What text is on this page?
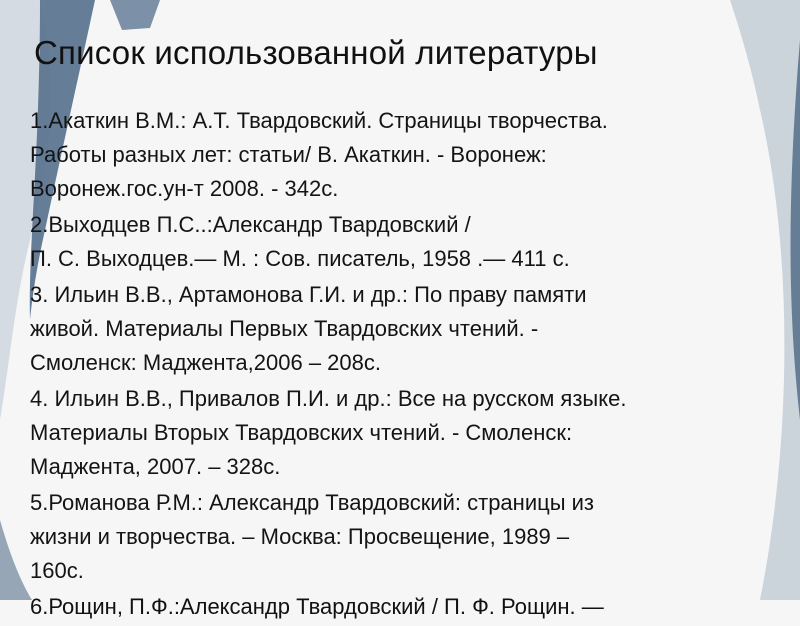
Список использованной литературы
1.Акаткин В.М.: А.Т. Твардовский. Страницы творчества.
Работы разных лет: статьи/ В. Акаткин. - Воронеж:
Воронеж.гос.ун-т 2008. - 342с.
2.Выходцев П.С..:Александр Твардовский /
П. С. Выходцев.— М. : Сов. писатель, 1958 .— 411 с.
3. Ильин В.В., Артамонова Г.И. и др.: По праву памяти
живой. Материалы Первых Твардовских чтений. -
Смоленск: Маджента,2006 – 208с.
4. Ильин В.В., Привалов П.И. и др.: Все на русском языке.
Материалы Вторых Твардовских чтений. - Смоленск:
Маджента, 2007. – 328с.
5.Романова Р.М.: Александр Твардовский: страницы из
жизни и творчества. – Москва: Просвещение, 1989 –
160с.
6.Рощин, П.Ф.:Александр Твардовский / П. Ф. Рощин. —
